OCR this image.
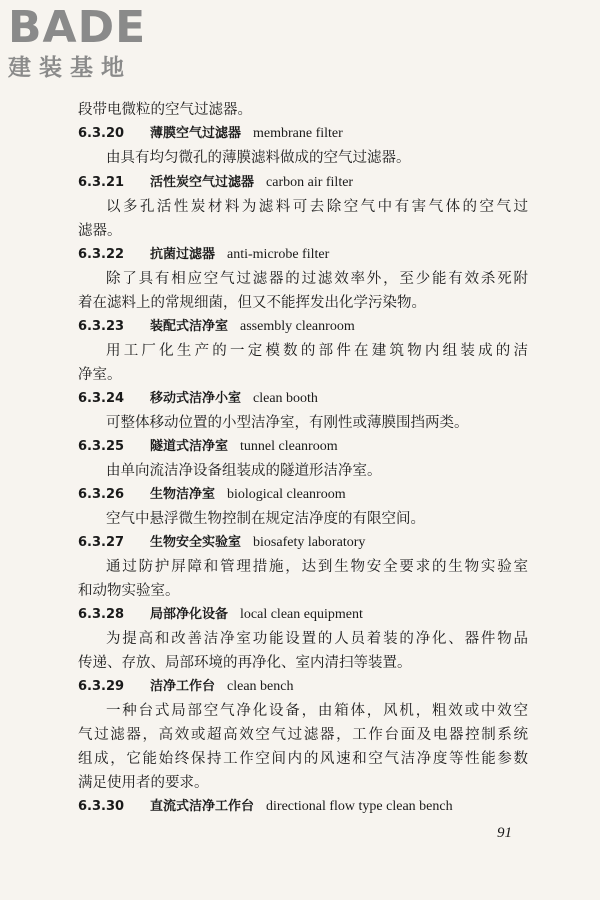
BADE
建装基地
段带电微粒的空气过滤器。
6.3.20 薄膜空气过滤器 membrane filter
由具有均匀微孔的薄膜滤料做成的空气过滤器。
6.3.21 活性炭空气过滤器 carbon air filter
以多孔活性炭材料为滤料可去除空气中有害气体的空气过
滤器。
6.3.22 抗菌过滤器 anti-microbe filter
除了具有相应空气过滤器的过滤效率外，至少能有效杀死附
着在滤料上的常规细菌，但又不能挥发出化学污染物。
6.3.23 装配式洁净室 assembly cleanroom
用工厂化生产的一定模数的部件在建筑物内组装成的洁
净室。
6.3.24 移动式洁净小室 clean booth
可整体移动位置的小型洁净室，有刚性或薄膜围挡两类。
6.3.25 隧道式洁净室 tunnel cleanroom
由单向流洁净设备组装成的隧道形洁净室。
6.3.26 生物洁净室 biological cleanroom
空气中悬浮微生物控制在规定洁净度的有限空间。
6.3.27 生物安全实验室 biosafety laboratory
通过防护屏障和管理措施，达到生物安全要求的生物实验室
和动物实验室。
6.3.28 局部净化设备 local clean equipment
为提高和改善洁净室功能设置的人员着装的净化、器件物品
传递、存放、局部环境的再净化、室内清扫等装置。
6.3.29 洁净工作台 clean bench
一种台式局部空气净化设备，由箱体，风机，粗效或中效空
气过滤器，高效或超高效空气过滤器，工作台面及电器控制系统
组成，它能始终保持工作空间内的风速和空气洁净度等性能参数
满足使用者的要求。
6.3.30 直流式洁净工作台 directional flow type clean bench
91
